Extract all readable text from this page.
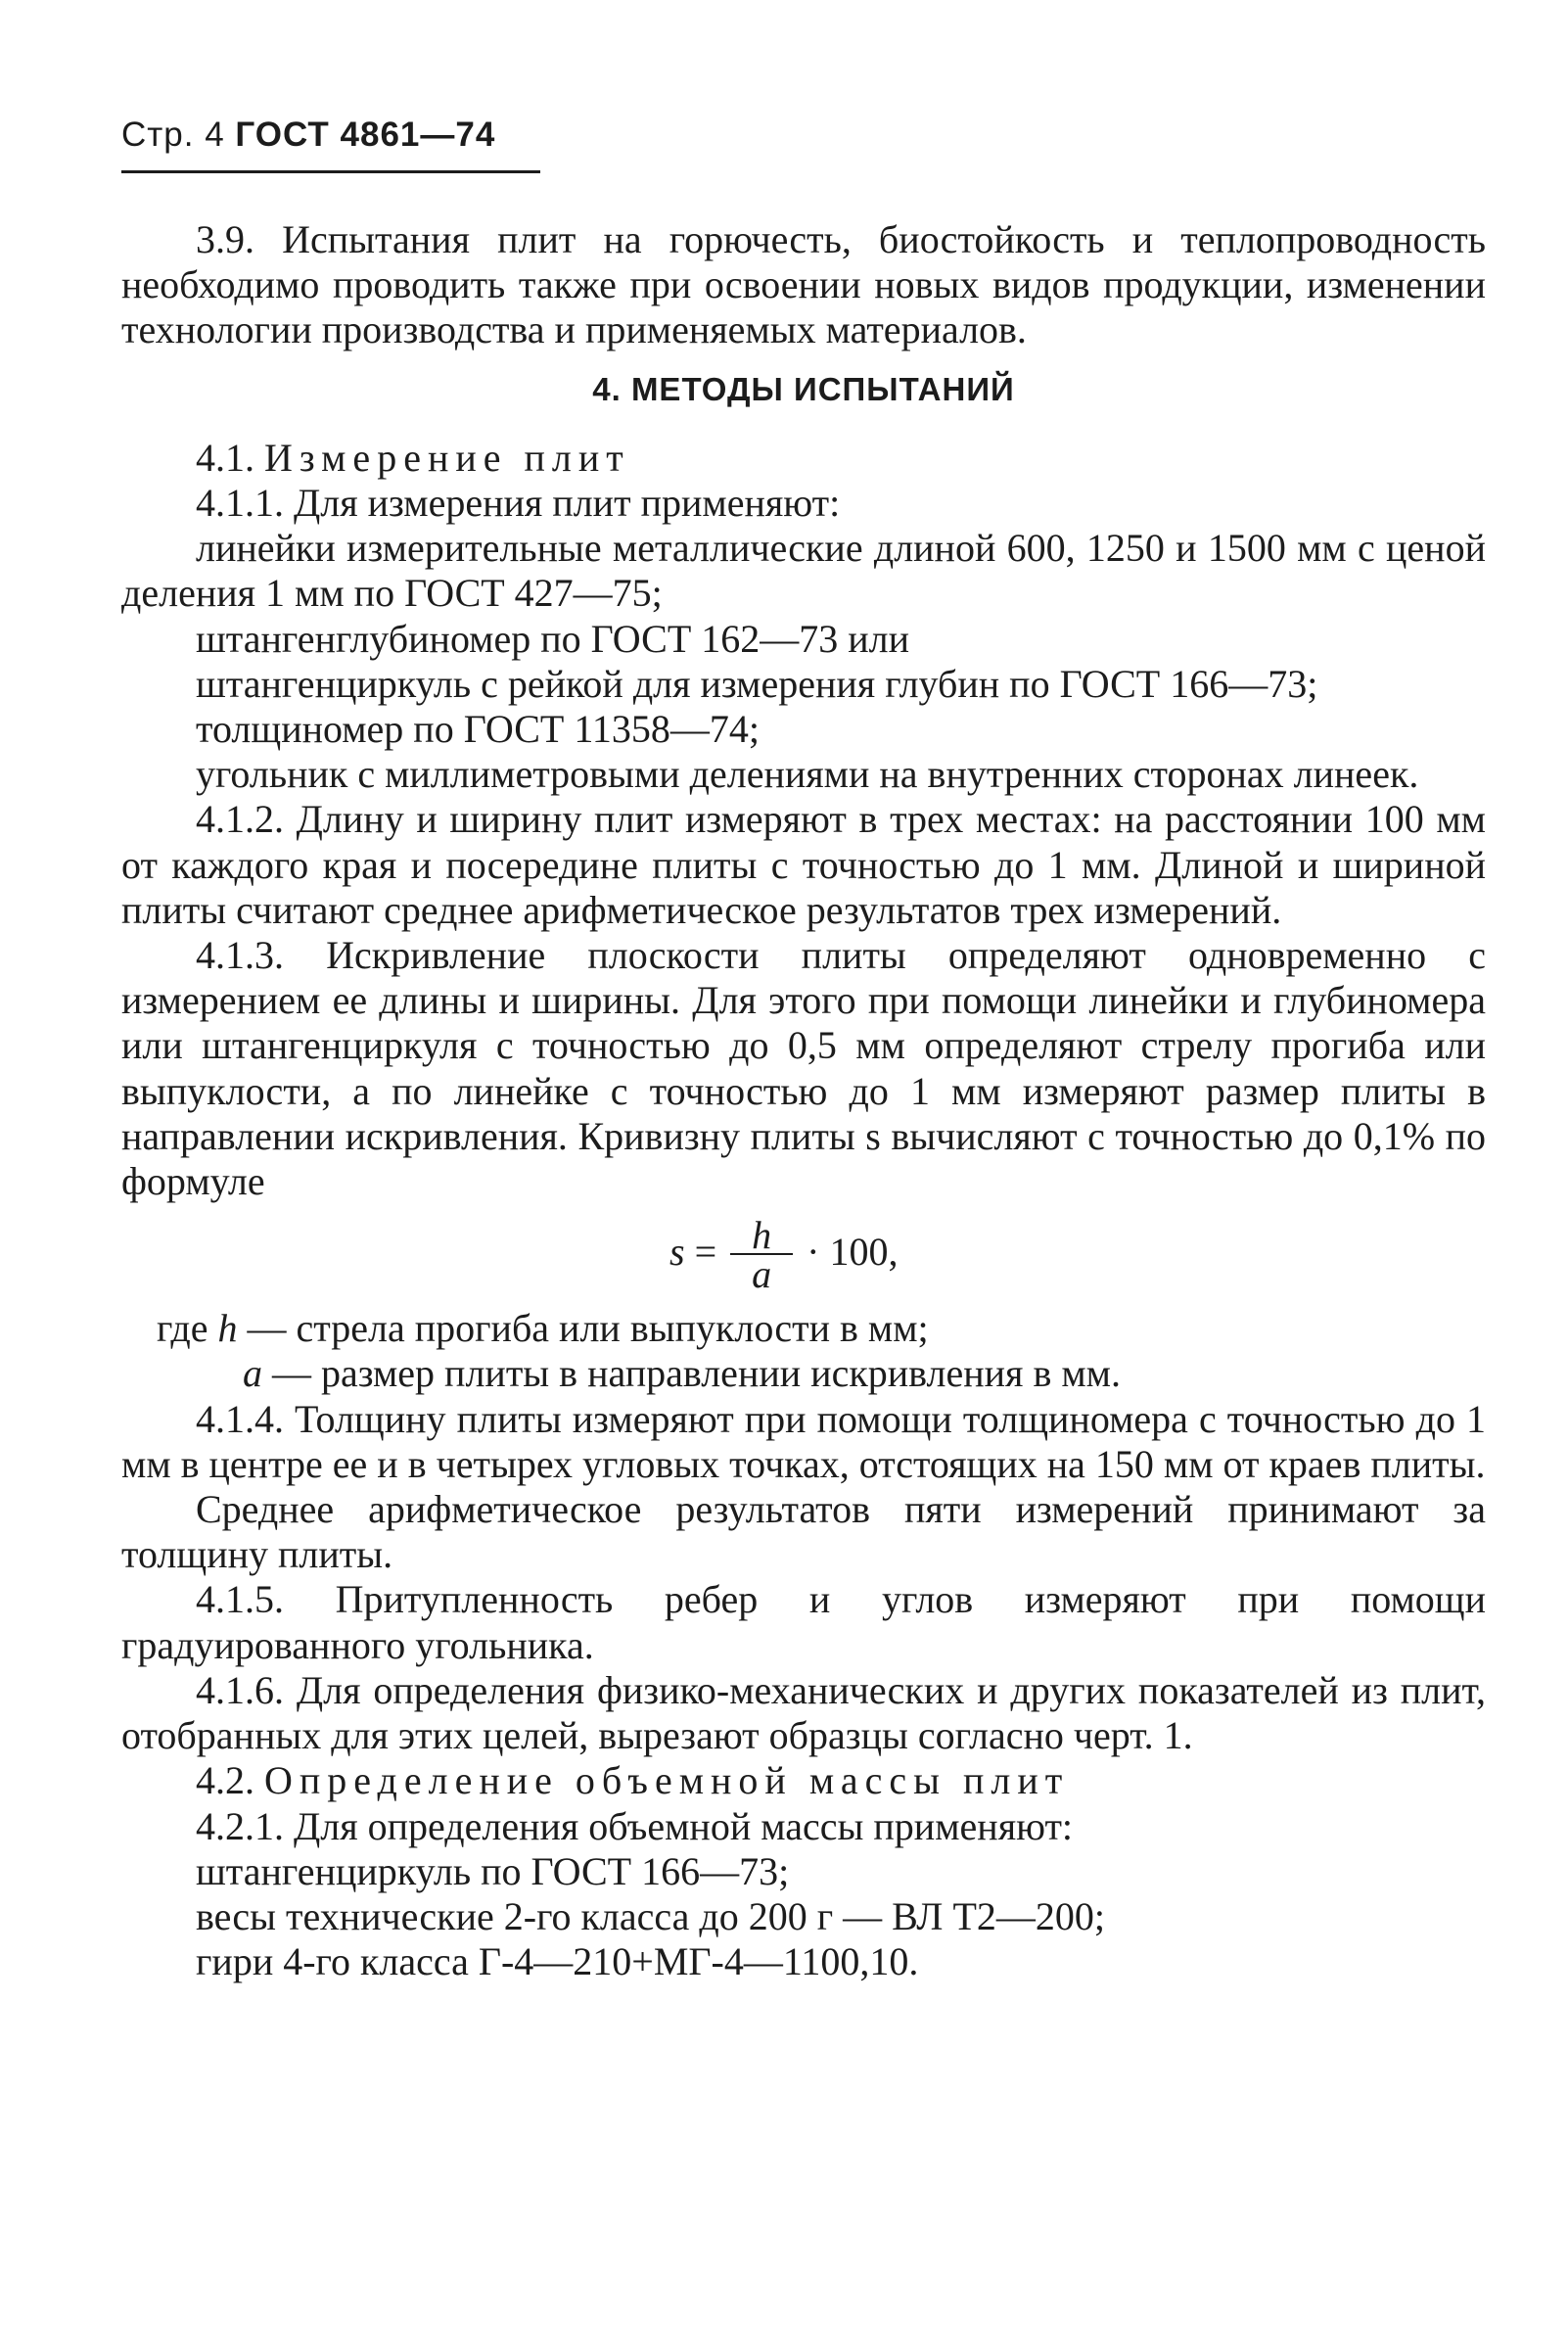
Стр. 4 ГОСТ 4861—74

3.9. Испытания плит на горючесть, биостойкость и теплопроводность необходимо проводить также при освоении новых видов продукции, изменении технологии производства и применяемых материалов.

4. МЕТОДЫ ИСПЫТАНИЙ

4.1. Измерение плит

4.1.1. Для измерения плит применяют:

линейки измерительные металлические длиной 600, 1250 и 1500 мм с ценой деления 1 мм по ГОСТ 427—75;

штангенглубиномер по ГОСТ 162—73 или

штангенциркуль с рейкой для измерения глубин по ГОСТ 166—73;

толщиномер по ГОСТ 11358—74;

угольник с миллиметровыми делениями на внутренних сторонах линеек.

4.1.2. Длину и ширину плит измеряют в трех местах: на расстоянии 100 мм от каждого края и посередине плиты с точностью до 1 мм. Длиной и шириной плиты считают среднее арифметическое результатов трех измерений.

4.1.3. Искривление плоскости плиты определяют одновременно с измерением ее длины и ширины. Для этого при помощи линейки и глубиномера или штангенциркуля с точностью до 0,5 мм определяют стрелу прогиба или выпуклости, а по линейке с точностью до 1 мм измеряют размер плиты в направлении искривления. Кривизну плиты s вычисляют с точностью до 0,1% по формуле

$s = \frac{h}{a} \cdot 100$,

где h — стрела прогиба или выпуклости в мм;

a — размер плиты в направлении искривления в мм.

4.1.4. Толщину плиты измеряют при помощи толщиномера с точностью до 1 мм в центре ее и в четырех угловых точках, отстоящих на 150 мм от краев плиты.

Среднее арифметическое результатов пяти измерений принимают за толщину плиты.

4.1.5. Притупленность ребер и углов измеряют при помощи градуированного угольника.

4.1.6. Для определения физико-механических и других показателей из плит, отобранных для этих целей, вырезают образцы согласно черт. 1.

4.2. Определение объемной массы плит

4.2.1. Для определения объемной массы применяют:

штангенциркуль по ГОСТ 166—73;

весы технические 2-го класса до 200 г — ВЛ Т2—200;

гири 4-го класса Г-4—210+МГ-4—1100,10.
